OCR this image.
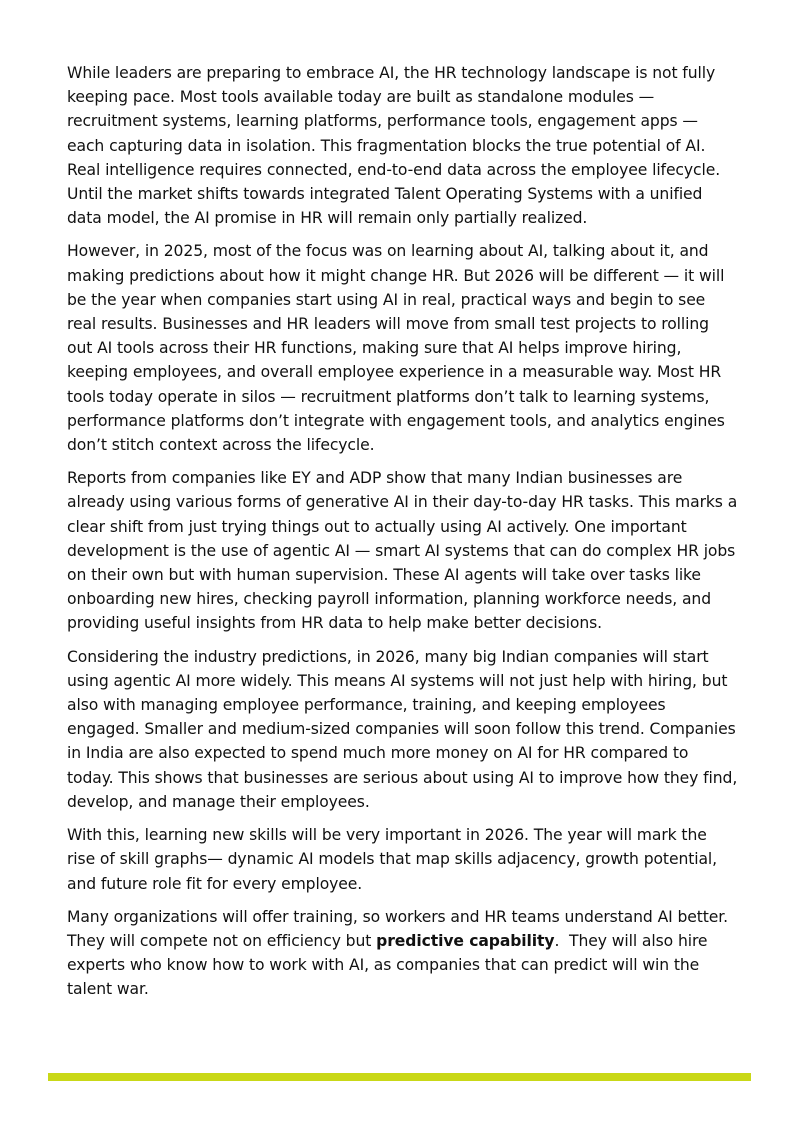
While leaders are preparing to embrace AI, the HR technology landscape is not fully keeping pace. Most tools available today are built as standalone modules — recruitment systems, learning platforms, performance tools, engagement apps — each capturing data in isolation. This fragmentation blocks the true potential of AI. Real intelligence requires connected, end-to-end data across the employee lifecycle. Until the market shifts towards integrated Talent Operating Systems with a unified data model, the AI promise in HR will remain only partially realized.

However, in 2025, most of the focus was on learning about AI, talking about it, and making predictions about how it might change HR. But 2026 will be different — it will be the year when companies start using AI in real, practical ways and begin to see real results. Businesses and HR leaders will move from small test projects to rolling out AI tools across their HR functions, making sure that AI helps improve hiring, keeping employees, and overall employee experience in a measurable way. Most HR tools today operate in silos — recruitment platforms don’t talk to learning systems, performance platforms don’t integrate with engagement tools, and analytics engines don’t stitch context across the lifecycle.

Reports from companies like EY and ADP show that many Indian businesses are already using various forms of generative AI in their day-to-day HR tasks. This marks a clear shift from just trying things out to actually using AI actively. One important development is the use of agentic AI — smart AI systems that can do complex HR jobs on their own but with human supervision. These AI agents will take over tasks like onboarding new hires, checking payroll information, planning workforce needs, and providing useful insights from HR data to help make better decisions.

Considering the industry predictions, in 2026, many big Indian companies will start using agentic AI more widely. This means AI systems will not just help with hiring, but also with managing employee performance, training, and keeping employees engaged. Smaller and medium-sized companies will soon follow this trend. Companies in India are also expected to spend much more money on AI for HR compared to today. This shows that businesses are serious about using AI to improve how they find, develop, and manage their employees.

With this, learning new skills will be very important in 2026. The year will mark the rise of skill graphs— dynamic AI models that map skills adjacency, growth potential, and future role fit for every employee.

Many organizations will offer training, so workers and HR teams understand AI better. They will compete not on efficiency but predictive capability.  They will also hire experts who know how to work with AI, as companies that can predict will win the talent war.
